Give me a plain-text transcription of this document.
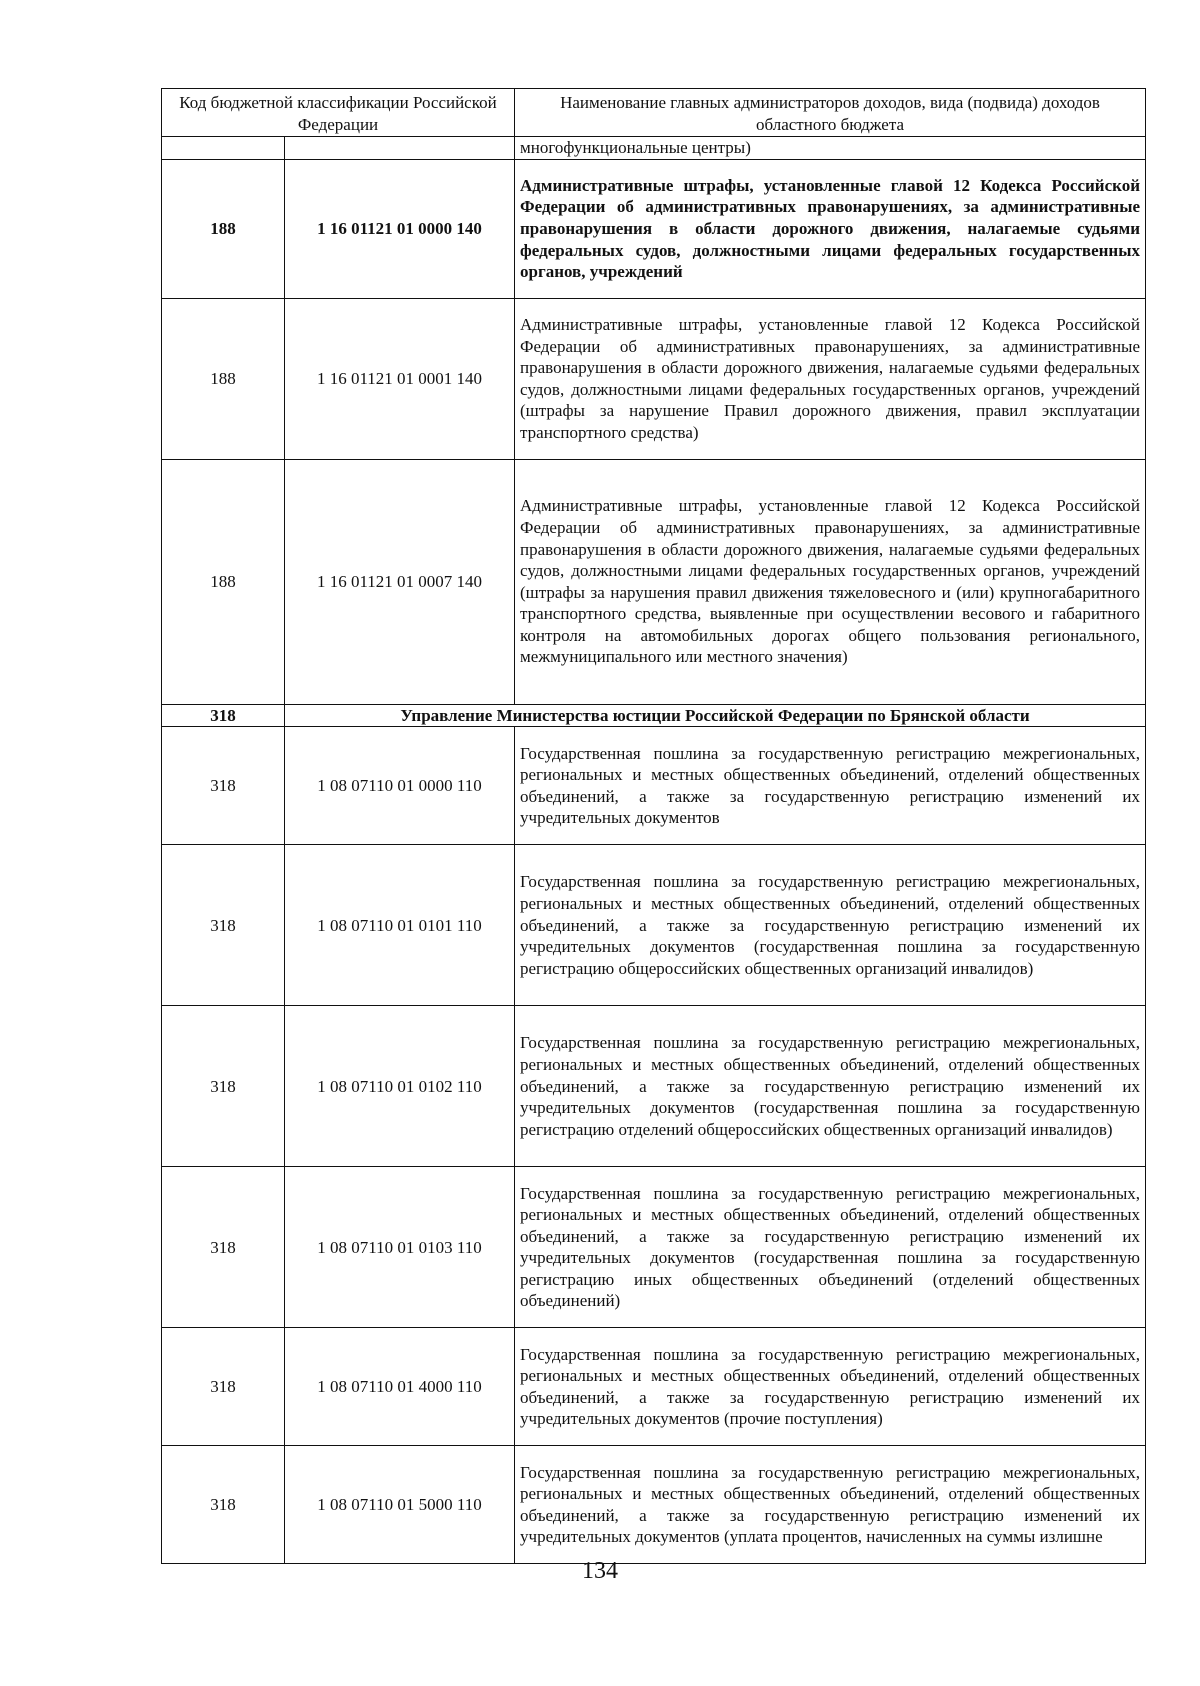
Код бюджетной классификации Российской Федерации		Наименование главных администраторов доходов, вида (подвида) доходов областного бюджета
		многофункциональные центры)
188	1 16 01121 01 0000 140	Административные штрафы, установленные главой 12 Кодекса Российской Федерации об административных правонарушениях, за административные правонарушения в области дорожного движения, налагаемые судьями федеральных судов, должностными лицами федеральных государственных органов, учреждений
188	1 16 01121 01 0001 140	Административные штрафы, установленные главой 12 Кодекса Российской Федерации об административных правонарушениях, за административные правонарушения в области дорожного движения, налагаемые судьями федеральных судов, должностными лицами федеральных государственных органов, учреждений (штрафы за нарушение Правил дорожного движения, правил эксплуатации транспортного средства)
188	1 16 01121 01 0007 140	Административные штрафы, установленные главой 12 Кодекса Российской Федерации об административных правонарушениях, за административные правонарушения в области дорожного движения, налагаемые судьями федеральных судов, должностными лицами федеральных государственных органов, учреждений (штрафы за нарушения правил движения тяжеловесного и (или) крупногабаритного транспортного средства, выявленные при осуществлении весового и габаритного контроля на автомобильных дорогах общего пользования регионального, межмуниципального или местного значения)
318	Управление Министерства юстиции Российской Федерации по Брянской области	
318	1 08 07110 01 0000 110	Государственная пошлина за государственную регистрацию межрегиональных, региональных и местных общественных объединений, отделений общественных объединений, а также за государственную регистрацию изменений их учредительных документов
318	1 08 07110 01 0101 110	Государственная пошлина за государственную регистрацию межрегиональных, региональных и местных общественных объединений, отделений общественных объединений, а также за государственную регистрацию изменений их учредительных документов (государственная пошлина за государственную регистрацию общероссийских общественных организаций инвалидов)
318	1 08 07110 01 0102 110	Государственная пошлина за государственную регистрацию межрегиональных, региональных и местных общественных объединений, отделений общественных объединений, а также за государственную регистрацию изменений их учредительных документов (государственная пошлина за государственную регистрацию отделений общероссийских общественных организаций инвалидов)
318	1 08 07110 01 0103 110	Государственная пошлина за государственную регистрацию межрегиональных, региональных и местных общественных объединений, отделений общественных объединений, а также за государственную регистрацию изменений их учредительных документов (государственная пошлина за государственную регистрацию иных общественных объединений (отделений общественных объединений)
318	1 08 07110 01 4000 110	Государственная пошлина за государственную регистрацию межрегиональных, региональных и местных общественных объединений, отделений общественных объединений, а также за государственную регистрацию изменений их учредительных документов (прочие поступления)
318	1 08 07110 01 5000 110	Государственная пошлина за государственную регистрацию межрегиональных, региональных и местных общественных объединений, отделений общественных объединений, а также за государственную регистрацию изменений их учредительных документов (уплата процентов, начисленных на суммы излишне
134
